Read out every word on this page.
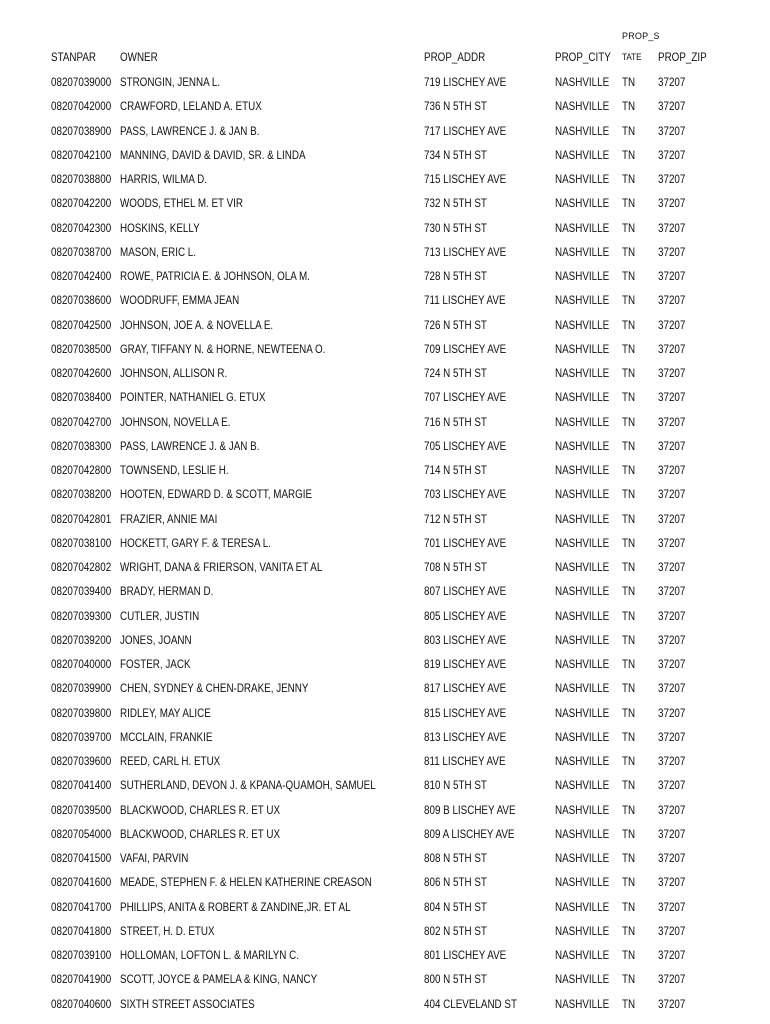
PROP_S
STANPAR OWNER	PROP_ADDR	PROP_CITY TATE PROP_ZIP
08207039000 STRONGIN, JENNA L.	719 LISCHEY AVE	NASHVILLE TN 37207
08207042000 CRAWFORD, LELAND A. ETUX	736 N 5TH ST	NASHVILLE TN 37207
08207038900 PASS, LAWRENCE J. & JAN B.	717 LISCHEY AVE	NASHVILLE TN 37207
08207042100 MANNING, DAVID & DAVID, SR. & LINDA	734 N 5TH ST	NASHVILLE TN 37207
08207038800 HARRIS, WILMA D.	715 LISCHEY AVE	NASHVILLE TN 37207
08207042200 WOODS, ETHEL M. ET VIR	732 N 5TH ST	NASHVILLE TN 37207
08207042300 HOSKINS, KELLY	730 N 5TH ST	NASHVILLE TN 37207
08207038700 MASON, ERIC L.	713 LISCHEY AVE	NASHVILLE TN 37207
08207042400 ROWE, PATRICIA E. & JOHNSON, OLA M.	728 N 5TH ST	NASHVILLE TN 37207
08207038600 WOODRUFF, EMMA JEAN	711 LISCHEY AVE	NASHVILLE TN 37207
08207042500 JOHNSON, JOE A. & NOVELLA E.	726 N 5TH ST	NASHVILLE TN 37207
08207038500 GRAY, TIFFANY N. & HORNE, NEWTEENA O.	709 LISCHEY AVE	NASHVILLE TN 37207
08207042600 JOHNSON, ALLISON R.	724 N 5TH ST	NASHVILLE TN 37207
08207038400 POINTER, NATHANIEL G. ETUX	707 LISCHEY AVE	NASHVILLE TN 37207
08207042700 JOHNSON, NOVELLA E.	716 N 5TH ST	NASHVILLE TN 37207
08207038300 PASS, LAWRENCE J. & JAN B.	705 LISCHEY AVE	NASHVILLE TN 37207
08207042800 TOWNSEND, LESLIE H.	714 N 5TH ST	NASHVILLE TN 37207
08207038200 HOOTEN, EDWARD D. & SCOTT, MARGIE	703 LISCHEY AVE	NASHVILLE TN 37207
08207042801 FRAZIER, ANNIE MAI	712 N 5TH ST	NASHVILLE TN 37207
08207038100 HOCKETT, GARY F. & TERESA L.	701 LISCHEY AVE	NASHVILLE TN 37207
08207042802 WRIGHT, DANA & FRIERSON, VANITA ET AL	708 N 5TH ST	NASHVILLE TN 37207
08207039400 BRADY, HERMAN D.	807 LISCHEY AVE	NASHVILLE TN 37207
08207039300 CUTLER, JUSTIN	805 LISCHEY AVE	NASHVILLE TN 37207
08207039200 JONES, JOANN	803 LISCHEY AVE	NASHVILLE TN 37207
08207040000 FOSTER, JACK	819 LISCHEY AVE	NASHVILLE TN 37207
08207039900 CHEN, SYDNEY & CHEN-DRAKE, JENNY	817 LISCHEY AVE	NASHVILLE TN 37207
08207039800 RIDLEY, MAY ALICE	815 LISCHEY AVE	NASHVILLE TN 37207
08207039700 MCCLAIN, FRANKIE	813 LISCHEY AVE	NASHVILLE TN 37207
08207039600 REED, CARL H. ETUX	811 LISCHEY AVE	NASHVILLE TN 37207
08207041400 SUTHERLAND, DEVON J. & KPANA-QUAMOH, SAMUEL	810 N 5TH ST	NASHVILLE TN 37207
08207039500 BLACKWOOD, CHARLES R. ET UX	809 B LISCHEY AVE	NASHVILLE TN 37207
08207054000 BLACKWOOD, CHARLES R. ET UX	809 A LISCHEY AVE	NASHVILLE TN 37207
08207041500 VAFAI, PARVIN	808 N 5TH ST	NASHVILLE TN 37207
08207041600 MEADE, STEPHEN F. & HELEN KATHERINE CREASON	806 N 5TH ST	NASHVILLE TN 37207
08207041700 PHILLIPS, ANITA & ROBERT & ZANDINE,JR. ET AL	804 N 5TH ST	NASHVILLE TN 37207
08207041800 STREET, H. D. ETUX	802 N 5TH ST	NASHVILLE TN 37207
08207039100 HOLLOMAN, LOFTON L. & MARILYN C.	801 LISCHEY AVE	NASHVILLE TN 37207
08207041900 SCOTT, JOYCE & PAMELA & KING, NANCY	800 N 5TH ST	NASHVILLE TN 37207
08207040600 SIXTH STREET ASSOCIATES	404 CLEVELAND ST	NASHVILLE TN 37207
